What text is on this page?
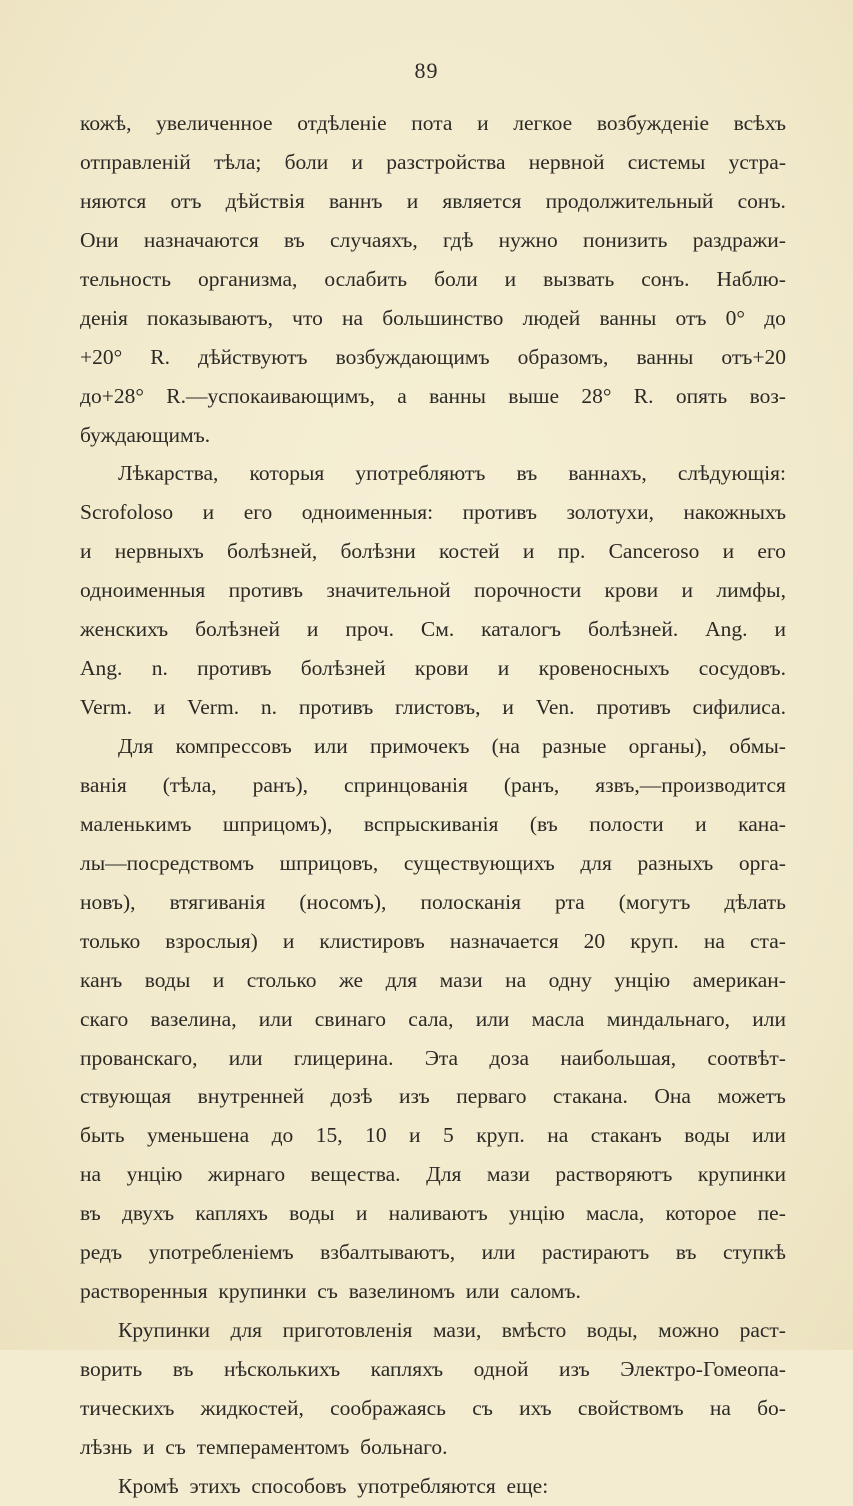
89
кожѣ, увеличенное отдѣленіе пота и легкое возбужденіе всѣхъ
отправленій тѣла; боли и разстройства нервной системы устра-
няются отъ дѣйствія ваннъ и является продолжительный сонъ.
Они назначаются въ случаяхъ, гдѣ нужно понизить раздражи-
тельность организма, ослабить боли и вызвать сонъ. Наблю-
денія показываютъ, что на большинство людей ванны отъ 0° до
+20° R. дѣйствуютъ возбуждающимъ образомъ, ванны отъ+20
до+28° R.—успокаивающимъ, а ванны выше 28° R. опять воз-
буждающимъ.
Лѣкарства, которыя употребляютъ въ ваннахъ, слѣдующія:
Scrofoloso и его одноименныя: противъ золотухи, накожныхъ
и нервныхъ болѣзней, болѣзни костей и пр. Canceroso и его
одноименныя противъ значительной порочности крови и лимфы,
женскихъ болѣзней и проч. См. каталогъ болѣзней. Ang. и
Ang. n. противъ болѣзней крови и кровеносныхъ сосудовъ.
Verm. и Verm. n. противъ глистовъ, и Ven. противъ сифилиса.
Для компрессовъ или примочекъ (на разные органы), обмы-
ванія (тѣла, ранъ), спринцованія (ранъ, язвъ,—производится
маленькимъ шприцомъ), вспрыскиванія (въ полости и кана-
лы—посредствомъ шприцовъ, существующихъ для разныхъ орга-
новъ), втягиванія (носомъ), полосканія рта (могутъ дѣлать
только взрослыя) и клистировъ назначается 20 круп. на ста-
канъ воды и столько же для мази на одну унцію американ-
скаго вазелина, или свинаго сала, или масла миндальнаго, или
прованскаго, или глицерина. Эта доза наибольшая, соотвѣт-
ствующая внутренней дозѣ изъ перваго стакана. Она можетъ
быть уменьшена до 15, 10 и 5 круп. на стаканъ воды или
на унцію жирнаго вещества. Для мази растворяютъ крупинки
въ двухъ капляхъ воды и наливаютъ унцію масла, которое пе-
редъ употребленіемъ взбалтываютъ, или растираютъ въ ступкѣ
растворенныя крупинки съ вазелиномъ или саломъ.
Крупинки для приготовленія мази, вмѣсто воды, можно раст-
ворить въ нѣсколькихъ капляхъ одной изъ Электро-Гомеопа-
тическихъ жидкостей, соображаясь съ ихъ свойствомъ на бо-
лѣзнь и съ темпераментомъ больнаго.
Кромѣ этихъ способовъ употребляются еще:
